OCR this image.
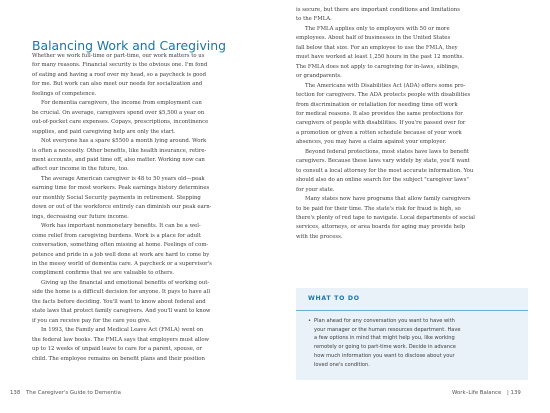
Balancing Work and Caregiving
Whether we work full-time or part-time, our work matters to us
for many reasons. Financial security is the obvious one. I'm fond
of eating and having a roof over my head, so a paycheck is good
for me. But work can also meet our needs for socialization and
feelings of competence.
For dementia caregivers, the income from employment can
be crucial. On average, caregivers spend over $5,500 a year on
out-of-pocket care expenses. Copays, prescriptions, incontinence
supplies, and paid caregiving help are only the start.
Not everyone has a spare $5500 a month lying around. Work
is often a necessity. Other benefits, like health insurance, retire-
ment accounts, and paid time off, also matter. Working now can
affect our income in the future, too.
The average American caregiver is 48 to 50 years old—peak
earning time for most workers. Peak earnings history determines
our monthly Social Security payments in retirement. Stepping
down or out of the workforce entirely can diminish our peak earn-
ings, decreasing our future income.
Work has important nonmonetary benefits. It can be a wel-
come relief from caregiving burdens. Work is a place for adult
conversation, something often missing at home. Feelings of com-
petence and pride in a job well done at work are hard to come by
in the messy world of dementia care. A paycheck or a supervisor's
compliment confirms that we are valuable to others.
Giving up the financial and emotional benefits of working out-
side the home is a difficult decision for anyone. It pays to have all
the facts before deciding. You'll want to know about federal and
state laws that protect family caregivers. And you'll want to know
if you can receive pay for the care you give.
In 1993, the Family and Medical Leave Act (FMLA) went on
the federal law books. The FMLA says that employers must allow
up to 12 weeks of unpaid leave to care for a parent, spouse, or
child. The employee remains on benefit plans and their position
is secure, but there are important conditions and limitations
to the FMLA.
The FMLA applies only to employers with 50 or more
employees. About half of businesses in the United States
fall below that size. For an employee to use the FMLA, they
must have worked at least 1,250 hours in the past 12 months.
The FMLA does not apply to caregiving for in-laws, siblings,
or grandparents.
The Americans with Disabilities Act (ADA) offers some pro-
tection for caregivers. The ADA protects people with disabilities
from discrimination or retaliation for needing time off work
for medical reasons. It also provides the same protections for
caregivers of people with disabilities. If you're passed over for
a promotion or given a rotten schedule because of your work
absences, you may have a claim against your employer.
Beyond federal protections, most states have laws to benefit
caregivers. Because these laws vary widely by state, you'll want
to consult a local attorney for the most accurate information. You
should also do an online search for the subject "caregiver laws"
for your state.
Many states now have programs that allow family caregivers
to be paid for their time. The state's risk for fraud is high, so
there's plenty of red tape to navigate. Local departments of social
services, attorneys, or area boards for aging may provide help
with the process.
WHAT TO DO
• Plan ahead for any conversation you want to have with
your manager or the human resources department. Have
a few options in mind that might help you, like working
remotely or going to part-time work. Decide in advance
how much information you want to disclose about your
loved one's condition.
138 The Caregiver's Guide to Dementia	Work–Life Balance | 139
